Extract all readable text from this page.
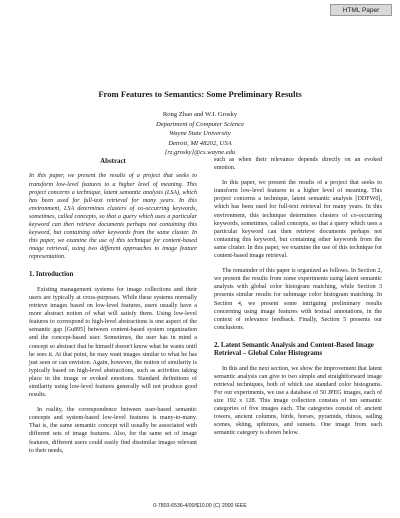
HTML Paper
From Features to Semantics: Some Preliminary Results
Rong Zhao and W.I. Grosky
Department of Computer Science
Wayne State University
Detroit, MI 48202, USA
[rz,grosky]@cs.wayne.edu
Abstract

In this paper, we present the results of a project that seeks to transform low-level features to a higher level of meaning. This project concerns a technique, latent semantic analysis (LSA), which has been used for full-text retrieval for many years. In this environment, LSA determines clusters of co-occurring keywords, sometimes, called concepts, so that a query which uses a particular keyword can then retrieve documents perhaps not containing this keyword, but containing other keywords from the same cluster. In this paper, we examine the use of this technique for content-based image retrieval, using two different approaches to image feature representation.

1. Introduction

Existing management systems for image collections and their users are typically at cross-purposes. While these systems normally retrieve images based on low-level features, users usually have a more abstract notion of what will satisfy them. Using low-level features to correspond to high-level abstractions is one aspect of the semantic gap [Gu895] between content-based system organization and the concept-based user. Sometimes, the user has in mind a concept so abstract that he himself doesn't know what he wants until he sees it. At that point, he may want images similar to what he has just seen or can envision. Again, however, the notion of similarity is typically based on high-level abstractions, such as activities taking place in the image or evoked emotions. Standard definitions of similarity using low-level features generally will not produce good results.

In reality, the correspondence between user-based semantic concepts and system-based low-level features is many-to-many. That is, the same semantic concept will usually be associated with different sets of image features. Also, for the same set of image features, different users could easily find dissimilar images relevant to their needs,

such as when their relevance depends directly on an evoked emotion.

In this paper, we present the results of a project that seeks to transform low-level features to a higher level of meaning. This project concerns a technique, latent semantic analysis [DDFW0], which has been used for full-text retrieval for many years. In this environment, this technique determines clusters of co-occurring keywords, sometimes, called concepts, so that a query which uses a particular keyword can then retrieve documents perhaps not containing this keyword, but containing other keywords from the same cluster. In this paper, we examine the use of this technique for content-based image retrieval.

The remainder of this paper is organized as follows. In Section 2, we present the results from some experiments using latent semantic analysis with global color histogram matching, while Section 3 presents similar results for subimage color histogram matching. In Section 4, we present some intriguing preliminary results concerning using image features with textual annotations, in the context of relevance feedback. Finally, Section 5 presents our conclusions.

2. Latent Semantic Analysis and Content-Based Image Retrieval – Global Color Histograms

In this and the next section, we show the improvement that latent semantic analysis can give to two simple and straightforward image retrieval techniques, both of which use standard color histograms. For our experiments, we use a database of 50 JPEG images, each of size 192 x 128. This image collection consists of ten semantic categories of five images each. The categories consist of: ancient towers, ancient columns, birds, horses, pyramids, rhinos, sailing scenes, skiing, sphinxes, and sunsets. One image from each semantic category is shown below.

0-7803-6536-4/00/$10.00 (C) 2000 IEEE
